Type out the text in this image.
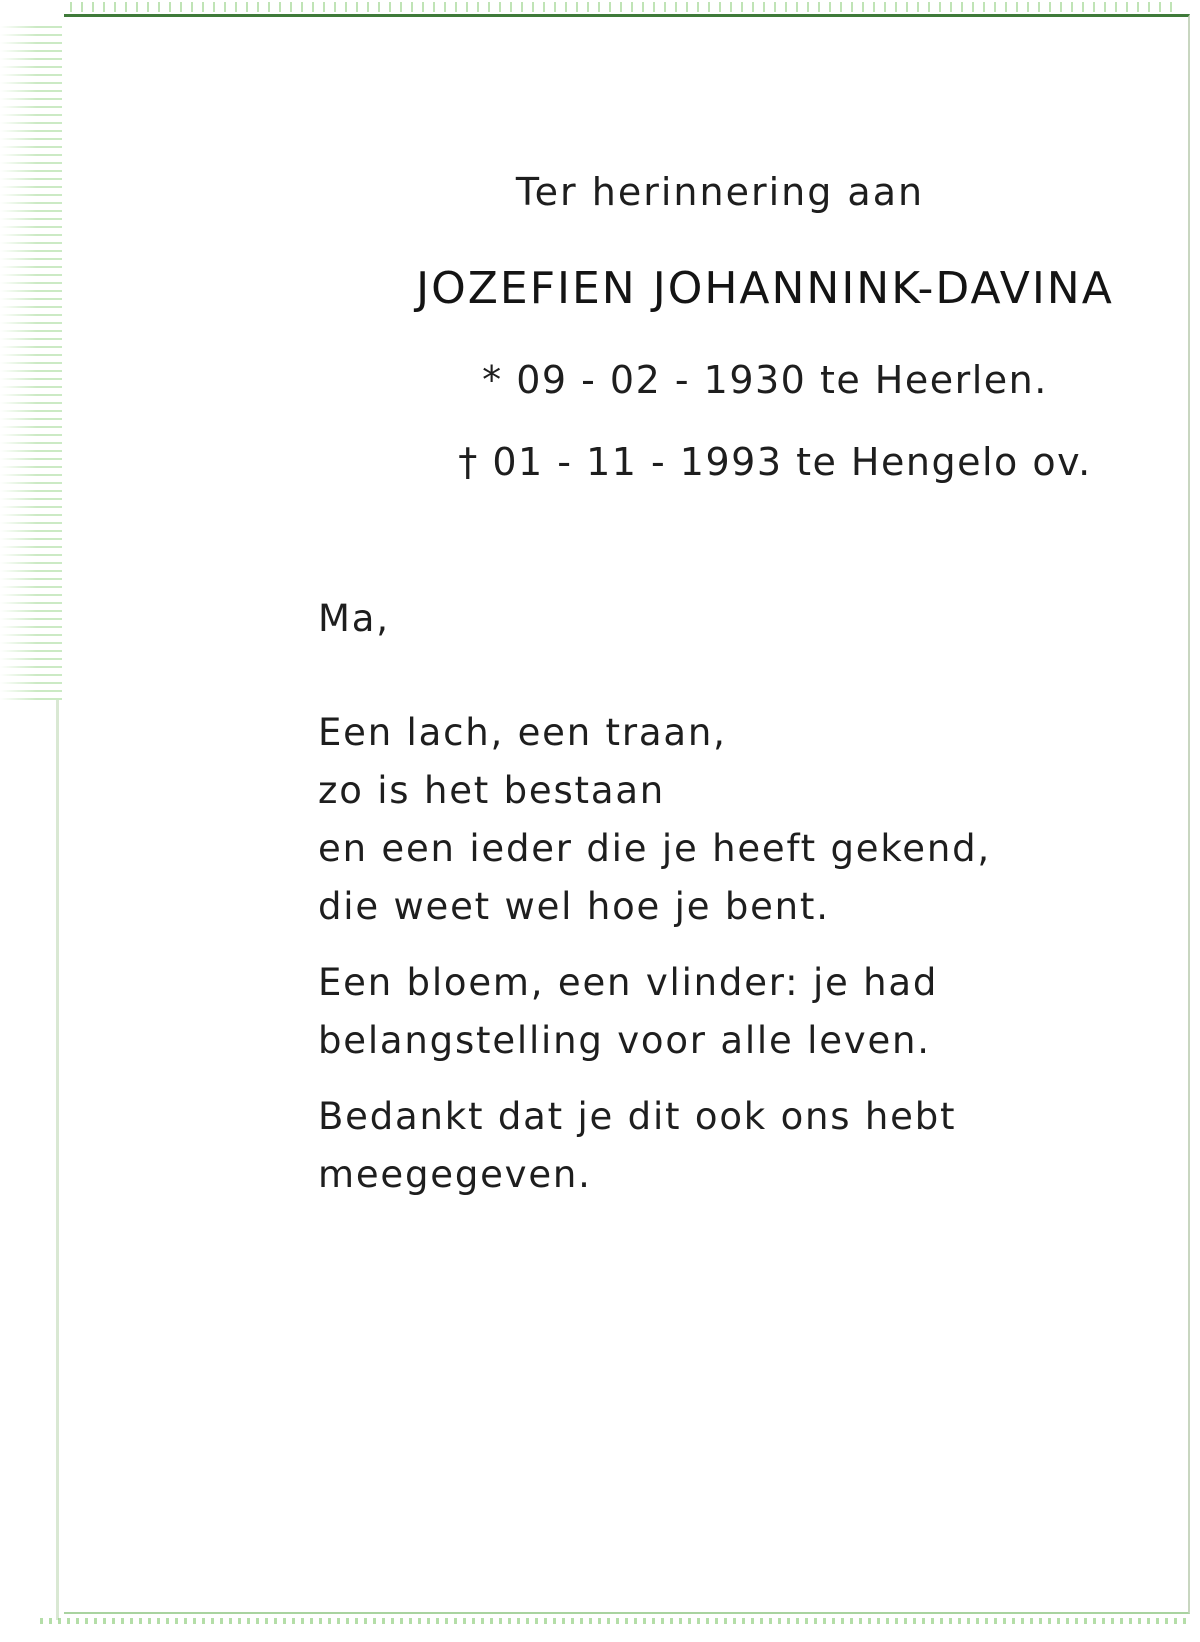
Ter herinnering aan
JOZEFIEN JOHANNINK-DAVINA
* 09 - 02 - 1930 te Heerlen.
† 01 - 11 - 1993 te Hengelo ov.

Ma,

Een lach, een traan,
zo is het bestaan
en een ieder die je heeft gekend,
die weet wel hoe je bent.
Een bloem, een vlinder: je had
belangstelling voor alle leven.
Bedankt dat je dit ook ons hebt
meegegeven.
